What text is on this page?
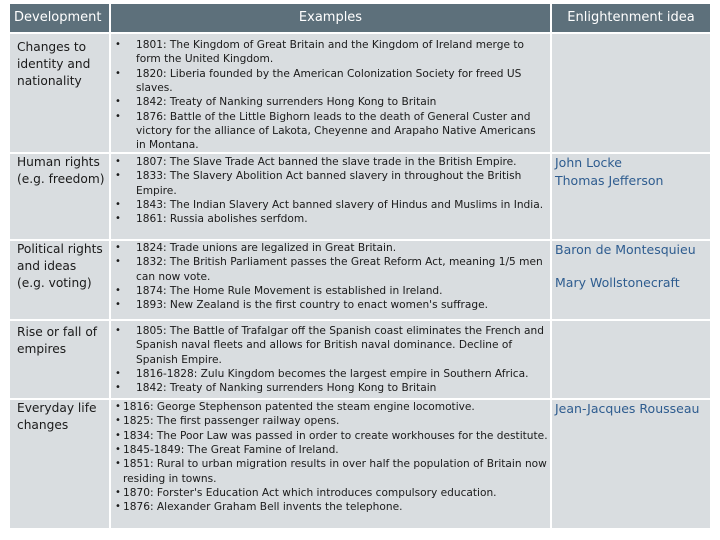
Development	Examples	Enlightenment idea
Changes to identity and nationality
• 1801: The Kingdom of Great Britain and the Kingdom of Ireland merge to form the United Kingdom.
• 1820: Liberia founded by the American Colonization Society for freed US slaves.
• 1842: Treaty of Nanking surrenders Hong Kong to Britain
• 1876: Battle of the Little Bighorn leads to the death of General Custer and victory for the alliance of Lakota, Cheyenne and Arapaho Native Americans in Montana.
Human rights (e.g. freedom)
• 1807: The Slave Trade Act banned the slave trade in the British Empire.
• 1833: The Slavery Abolition Act banned slavery in throughout the British Empire.
• 1843: The Indian Slavery Act banned slavery of Hindus and Muslims in India.
• 1861: Russia abolishes serfdom.
John Locke
Thomas Jefferson
Political rights and ideas (e.g. voting)
• 1824: Trade unions are legalized in Great Britain.
• 1832: The British Parliament passes the Great Reform Act, meaning 1/5 men can now vote.
• 1874: The Home Rule Movement is established in Ireland.
• 1893: New Zealand is the first country to enact women's suffrage.
Baron de Montesquieu
Mary Wollstonecraft
Rise or fall of empires
• 1805: The Battle of Trafalgar off the Spanish coast eliminates the French and Spanish naval fleets and allows for British naval dominance. Decline of Spanish Empire.
• 1816-1828: Zulu Kingdom becomes the largest empire in Southern Africa.
• 1842: Treaty of Nanking surrenders Hong Kong to Britain
Everyday life changes
• 1816: George Stephenson patented the steam engine locomotive.
• 1825: The first passenger railway opens.
• 1834: The Poor Law was passed in order to create workhouses for the destitute.
• 1845-1849: The Great Famine of Ireland.
• 1851: Rural to urban migration results in over half the population of Britain now residing in towns.
• 1870: Forster's Education Act which introduces compulsory education.
• 1876: Alexander Graham Bell invents the telephone.
Jean-Jacques Rousseau
